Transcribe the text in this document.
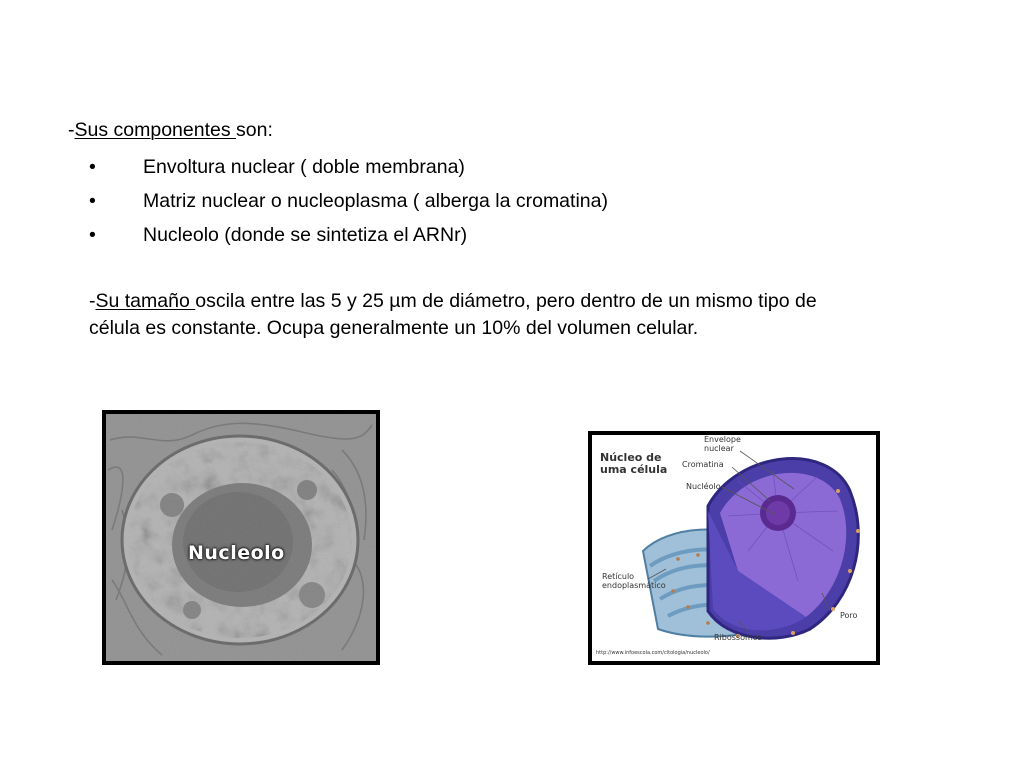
-Sus componentes son:
• Envoltura nuclear ( doble membrana)
• Matriz nuclear o nucleoplasma ( alberga la cromatina)
• Nucleolo (donde se sintetiza el ARNr)
-Su tamaño oscila entre las 5 y 25 µm de diámetro, pero dentro de un mismo tipo de
célula es constante. Ocupa generalmente un 10% del volumen celular.
Nucleolo
Núcleo de
uma célula
Envelope
nuclear
Cromatina
Nucléolo
Retículo
endoplasmático
Poro
Ribossomos
http://www.infoescola.com/citologia/nucleolo/
